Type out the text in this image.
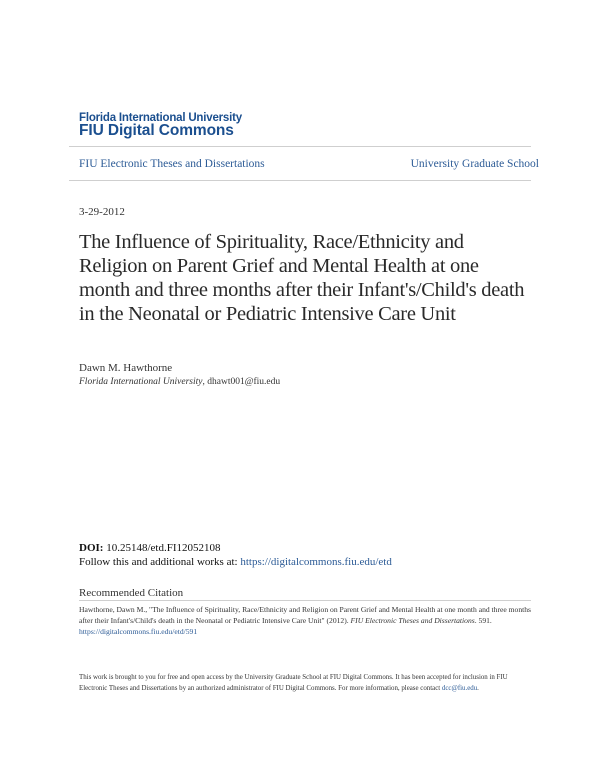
Florida International University
FIU Digital Commons
FIU Electronic Theses and Dissertations	University Graduate School
3-29-2012
The Influence of Spirituality, Race/Ethnicity and Religion on Parent Grief and Mental Health at one month and three months after their Infant's/Child's death in the Neonatal or Pediatric Intensive Care Unit
Dawn M. Hawthorne
Florida International University, dhawt001@fiu.edu
DOI: 10.25148/etd.FI12052108
Follow this and additional works at: https://digitalcommons.fiu.edu/etd
Recommended Citation
Hawthorne, Dawn M., "The Influence of Spirituality, Race/Ethnicity and Religion on Parent Grief and Mental Health at one month and three months after their Infant's/Child's death in the Neonatal or Pediatric Intensive Care Unit" (2012). FIU Electronic Theses and Dissertations. 591.
https://digitalcommons.fiu.edu/etd/591
This work is brought to you for free and open access by the University Graduate School at FIU Digital Commons. It has been accepted for inclusion in FIU Electronic Theses and Dissertations by an authorized administrator of FIU Digital Commons. For more information, please contact dcc@fiu.edu.
